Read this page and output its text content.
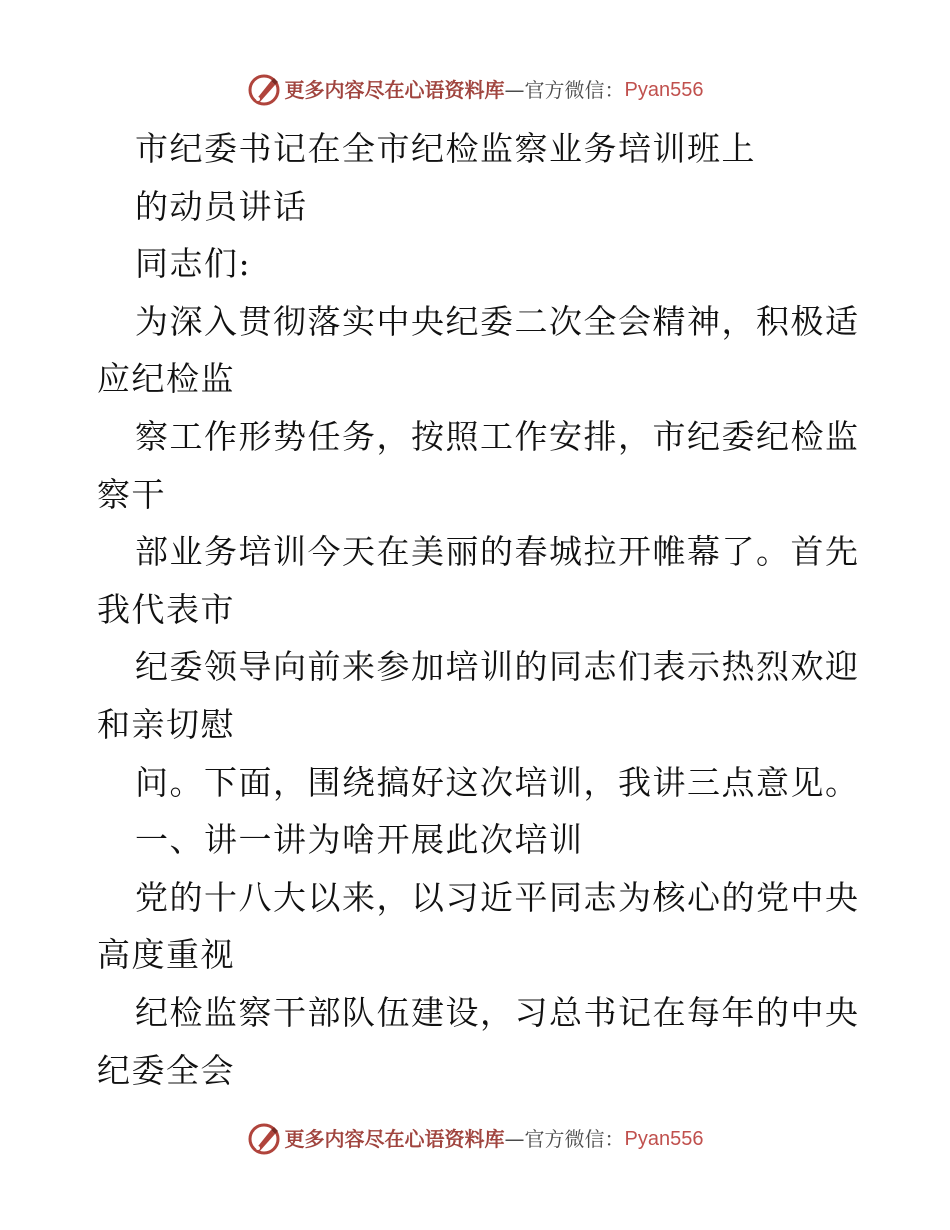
更多内容尽在心语资料库 — 官方微信： Pyan556
市纪委书记在全市纪检监察业务培训班上
的动员讲话
同志们:
为深入贯彻落实中央纪委二次全会精神，积极适
应纪检监
察工作形势任务，按照工作安排，市纪委纪检监
察干
部业务培训今天在美丽的春城拉开帷幕了。首先
我代表市
纪委领导向前来参加培训的同志们表示热烈欢迎
和亲切慰
问。下面，围绕搞好这次培训，我讲三点意见。
一、讲一讲为啥开展此次培训
党的十八大以来，以习近平同志为核心的党中央
高度重视
纪检监察干部队伍建设，习总书记在每年的中央
纪委全会
更多内容尽在心语资料库 — 官方微信： Pyan556
